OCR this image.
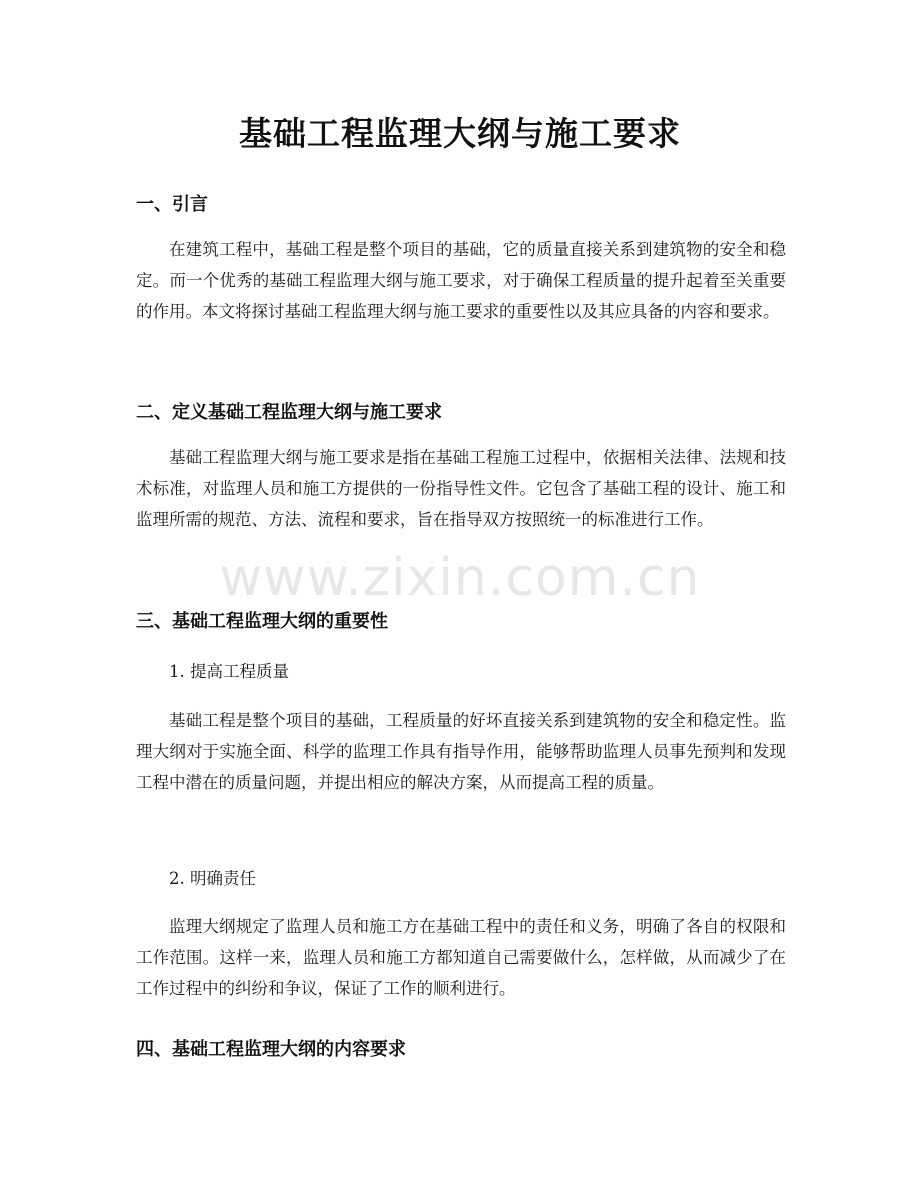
基础工程监理大纲与施工要求
一、引言

在建筑工程中，基础工程是整个项目的基础，它的质量直接关系到建筑物的安全和稳定。而一个优秀的基础工程监理大纲与施工要求，对于确保工程质量的提升起着至关重要的作用。本文将探讨基础工程监理大纲与施工要求的重要性以及其应具备的内容和要求。

二、定义基础工程监理大纲与施工要求

基础工程监理大纲与施工要求是指在基础工程施工过程中，依据相关法律、法规和技术标准，对监理人员和施工方提供的一份指导性文件。它包含了基础工程的设计、施工和监理所需的规范、方法、流程和要求，旨在指导双方按照统一的标准进行工作。

三、基础工程监理大纲的重要性

1. 提高工程质量

基础工程是整个项目的基础，工程质量的好坏直接关系到建筑物的安全和稳定性。监理大纲对于实施全面、科学的监理工作具有指导作用，能够帮助监理人员事先预判和发现工程中潜在的质量问题，并提出相应的解决方案，从而提高工程的质量。

2. 明确责任

监理大纲规定了监理人员和施工方在基础工程中的责任和义务，明确了各自的权限和工作范围。这样一来，监理人员和施工方都知道自己需要做什么，怎样做，从而减少了在工作过程中的纠纷和争议，保证了工作的顺利进行。

四、基础工程监理大纲的内容要求
www.zixin.com.cn
